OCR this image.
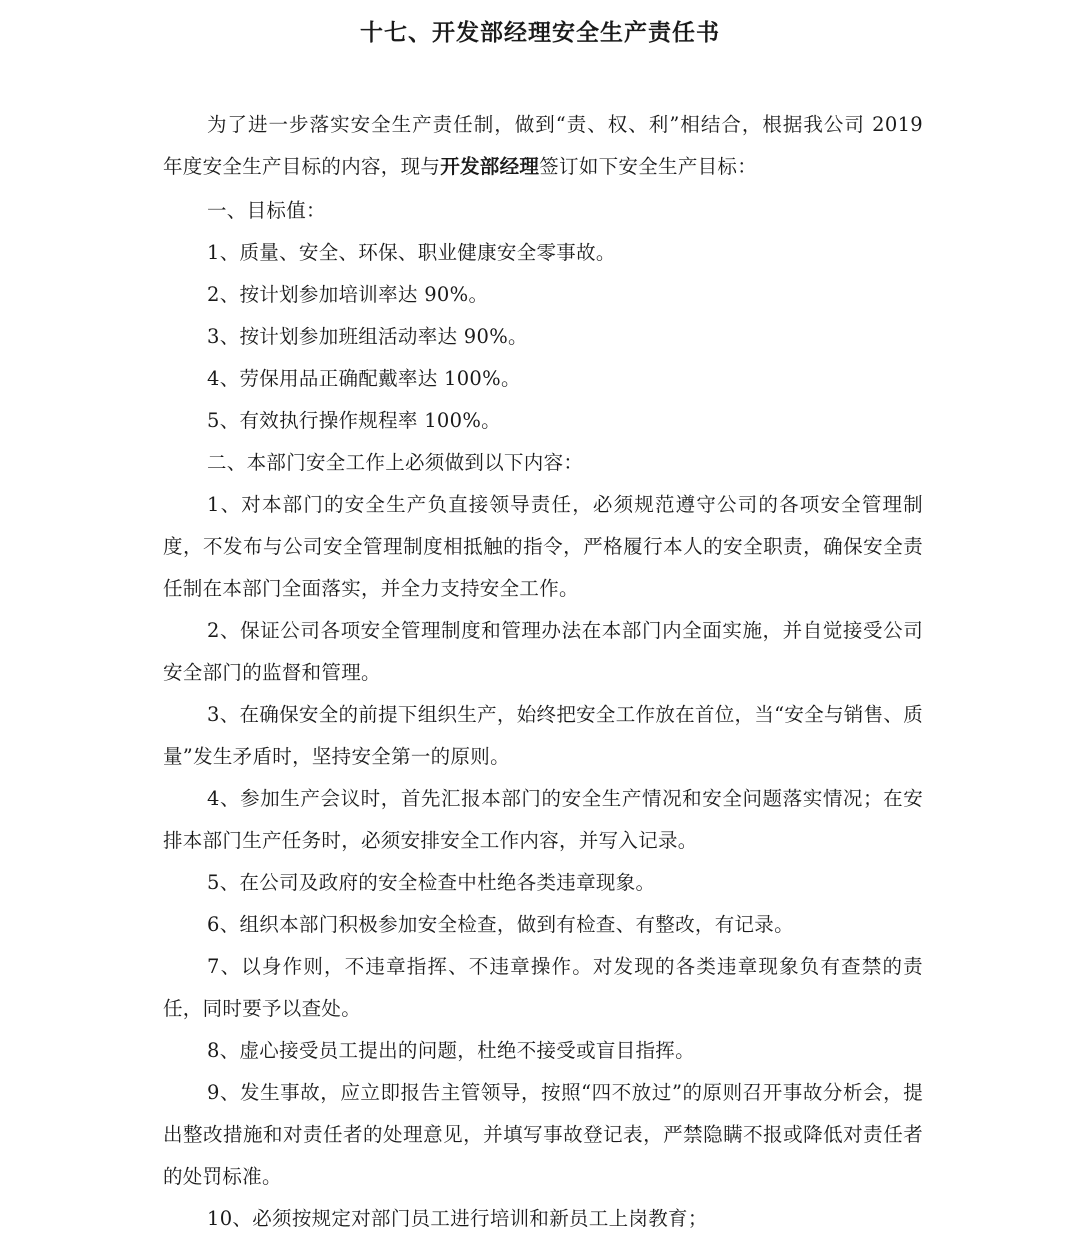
十七、开发部经理安全生产责任书

为了进一步落实安全生产责任制，做到“责、权、利”相结合，根据我公司 2019 年度安全生产目标的内容，现与开发部经理签订如下安全生产目标：

一、目标值：

1、质量、安全、环保、职业健康安全零事故。

2、按计划参加培训率达 90%。

3、按计划参加班组活动率达 90%。

4、劳保用品正确配戴率达 100%。

5、有效执行操作规程率 100%。

二、本部门安全工作上必须做到以下内容：

1、对本部门的安全生产负直接领导责任，必须规范遵守公司的各项安全管理制度，不发布与公司安全管理制度相抵触的指令，严格履行本人的安全职责，确保安全责任制在本部门全面落实，并全力支持安全工作。

2、保证公司各项安全管理制度和管理办法在本部门内全面实施，并自觉接受公司安全部门的监督和管理。

3、在确保安全的前提下组织生产，始终把安全工作放在首位，当“安全与销售、质量”发生矛盾时，坚持安全第一的原则。

4、参加生产会议时，首先汇报本部门的安全生产情况和安全问题落实情况；在安排本部门生产任务时，必须安排安全工作内容，并写入记录。

5、在公司及政府的安全检查中杜绝各类违章现象。

6、组织本部门积极参加安全检查，做到有检查、有整改，有记录。

7、以身作则，不违章指挥、不违章操作。对发现的各类违章现象负有查禁的责任，同时要予以查处。

8、虚心接受员工提出的问题，杜绝不接受或盲目指挥。

9、发生事故，应立即报告主管领导，按照“四不放过”的原则召开事故分析会，提出整改措施和对责任者的处理意见，并填写事故登记表，严禁隐瞒不报或降低对责任者的处罚标准。

10、必须按规定对部门员工进行培训和新员工上岗教育；
